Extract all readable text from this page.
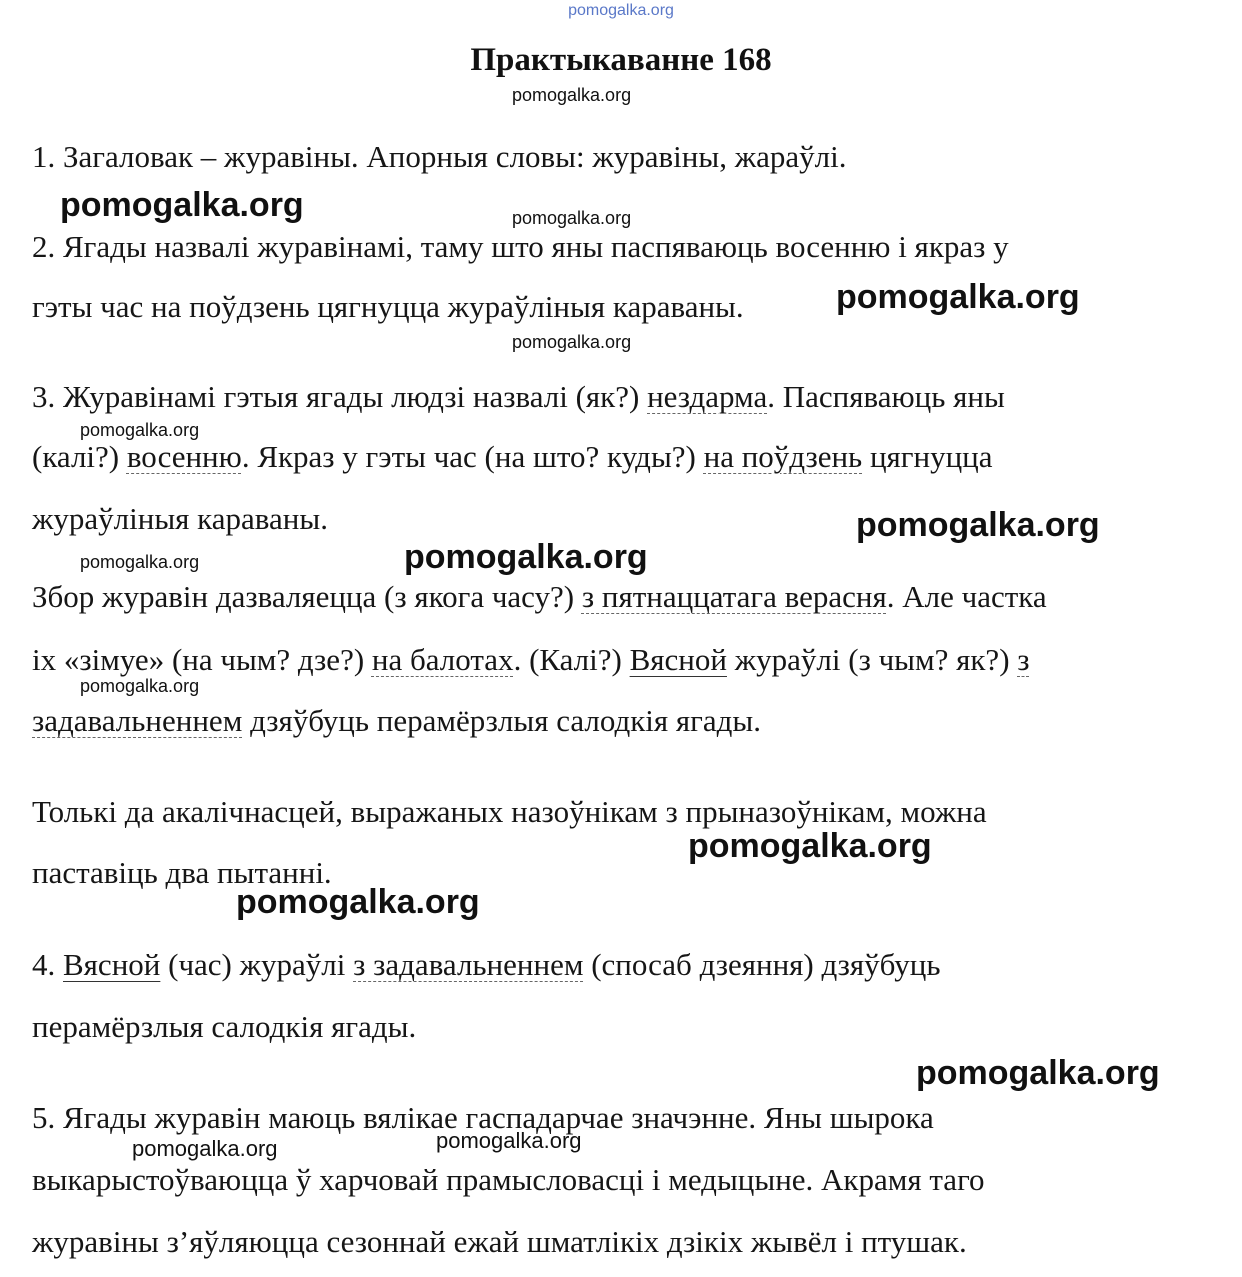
pomogalka.org
Практыкаванне 168
1. Загаловак – журавіны. Апорныя словы: журавіны, жараўлі.
2. Ягады назвалі журавінамі, таму што яны паспяваюць восенню і якраз у
гэты час на поўдзень цягнуцца жураўліныя караваны.
3. Журавінамі гэтыя ягады людзі назвалі (як?) нездарма. Паспяваюць яны
(калі?) восенню. Якраз у гэты час (на што? куды?) на поўдзень цягнуцца
жураўліныя караваны.
Збор журавін дазваляецца (з якога часу?) з пятнаццатага верасня. Але частка
іх «зімуе» (на чым? дзе?) на балотах. (Калі?) Вясной жураўлі (з чым? як?) з
задавальненнем дзяўбуць перамёрзлыя салодкія ягады.
Толькі да акалічнасцей, выражаных назоўнікам з прыназоўнікам, можна
паставіць два пытанні.
4. Вясной (час) жураўлі з задавальненнем (спосаб дзеяння) дзяўбуць
перамёрзлыя салодкія ягады.
5. Ягады журавін маюць вялікае гаспадарчае значэнне. Яны шырока
выкарыстоўваюцца ў харчовай прамысловасці і медыцыне. Акрамя таго
журавіны з’яўляюцца сезоннай ежай шматлікіх дзікіх жывёл і птушак.
pomogalka.org
pomogalka.org	pomogalka.org
pomogalka.org
pomogalka.org
pomogalka.org
pomogalka.org
pomogalka.org
pomogalka.org
pomogalka.org
pomogalka.org
pomogalka.org
pomogalka.org
pomogalka.org
pomogalka.org
